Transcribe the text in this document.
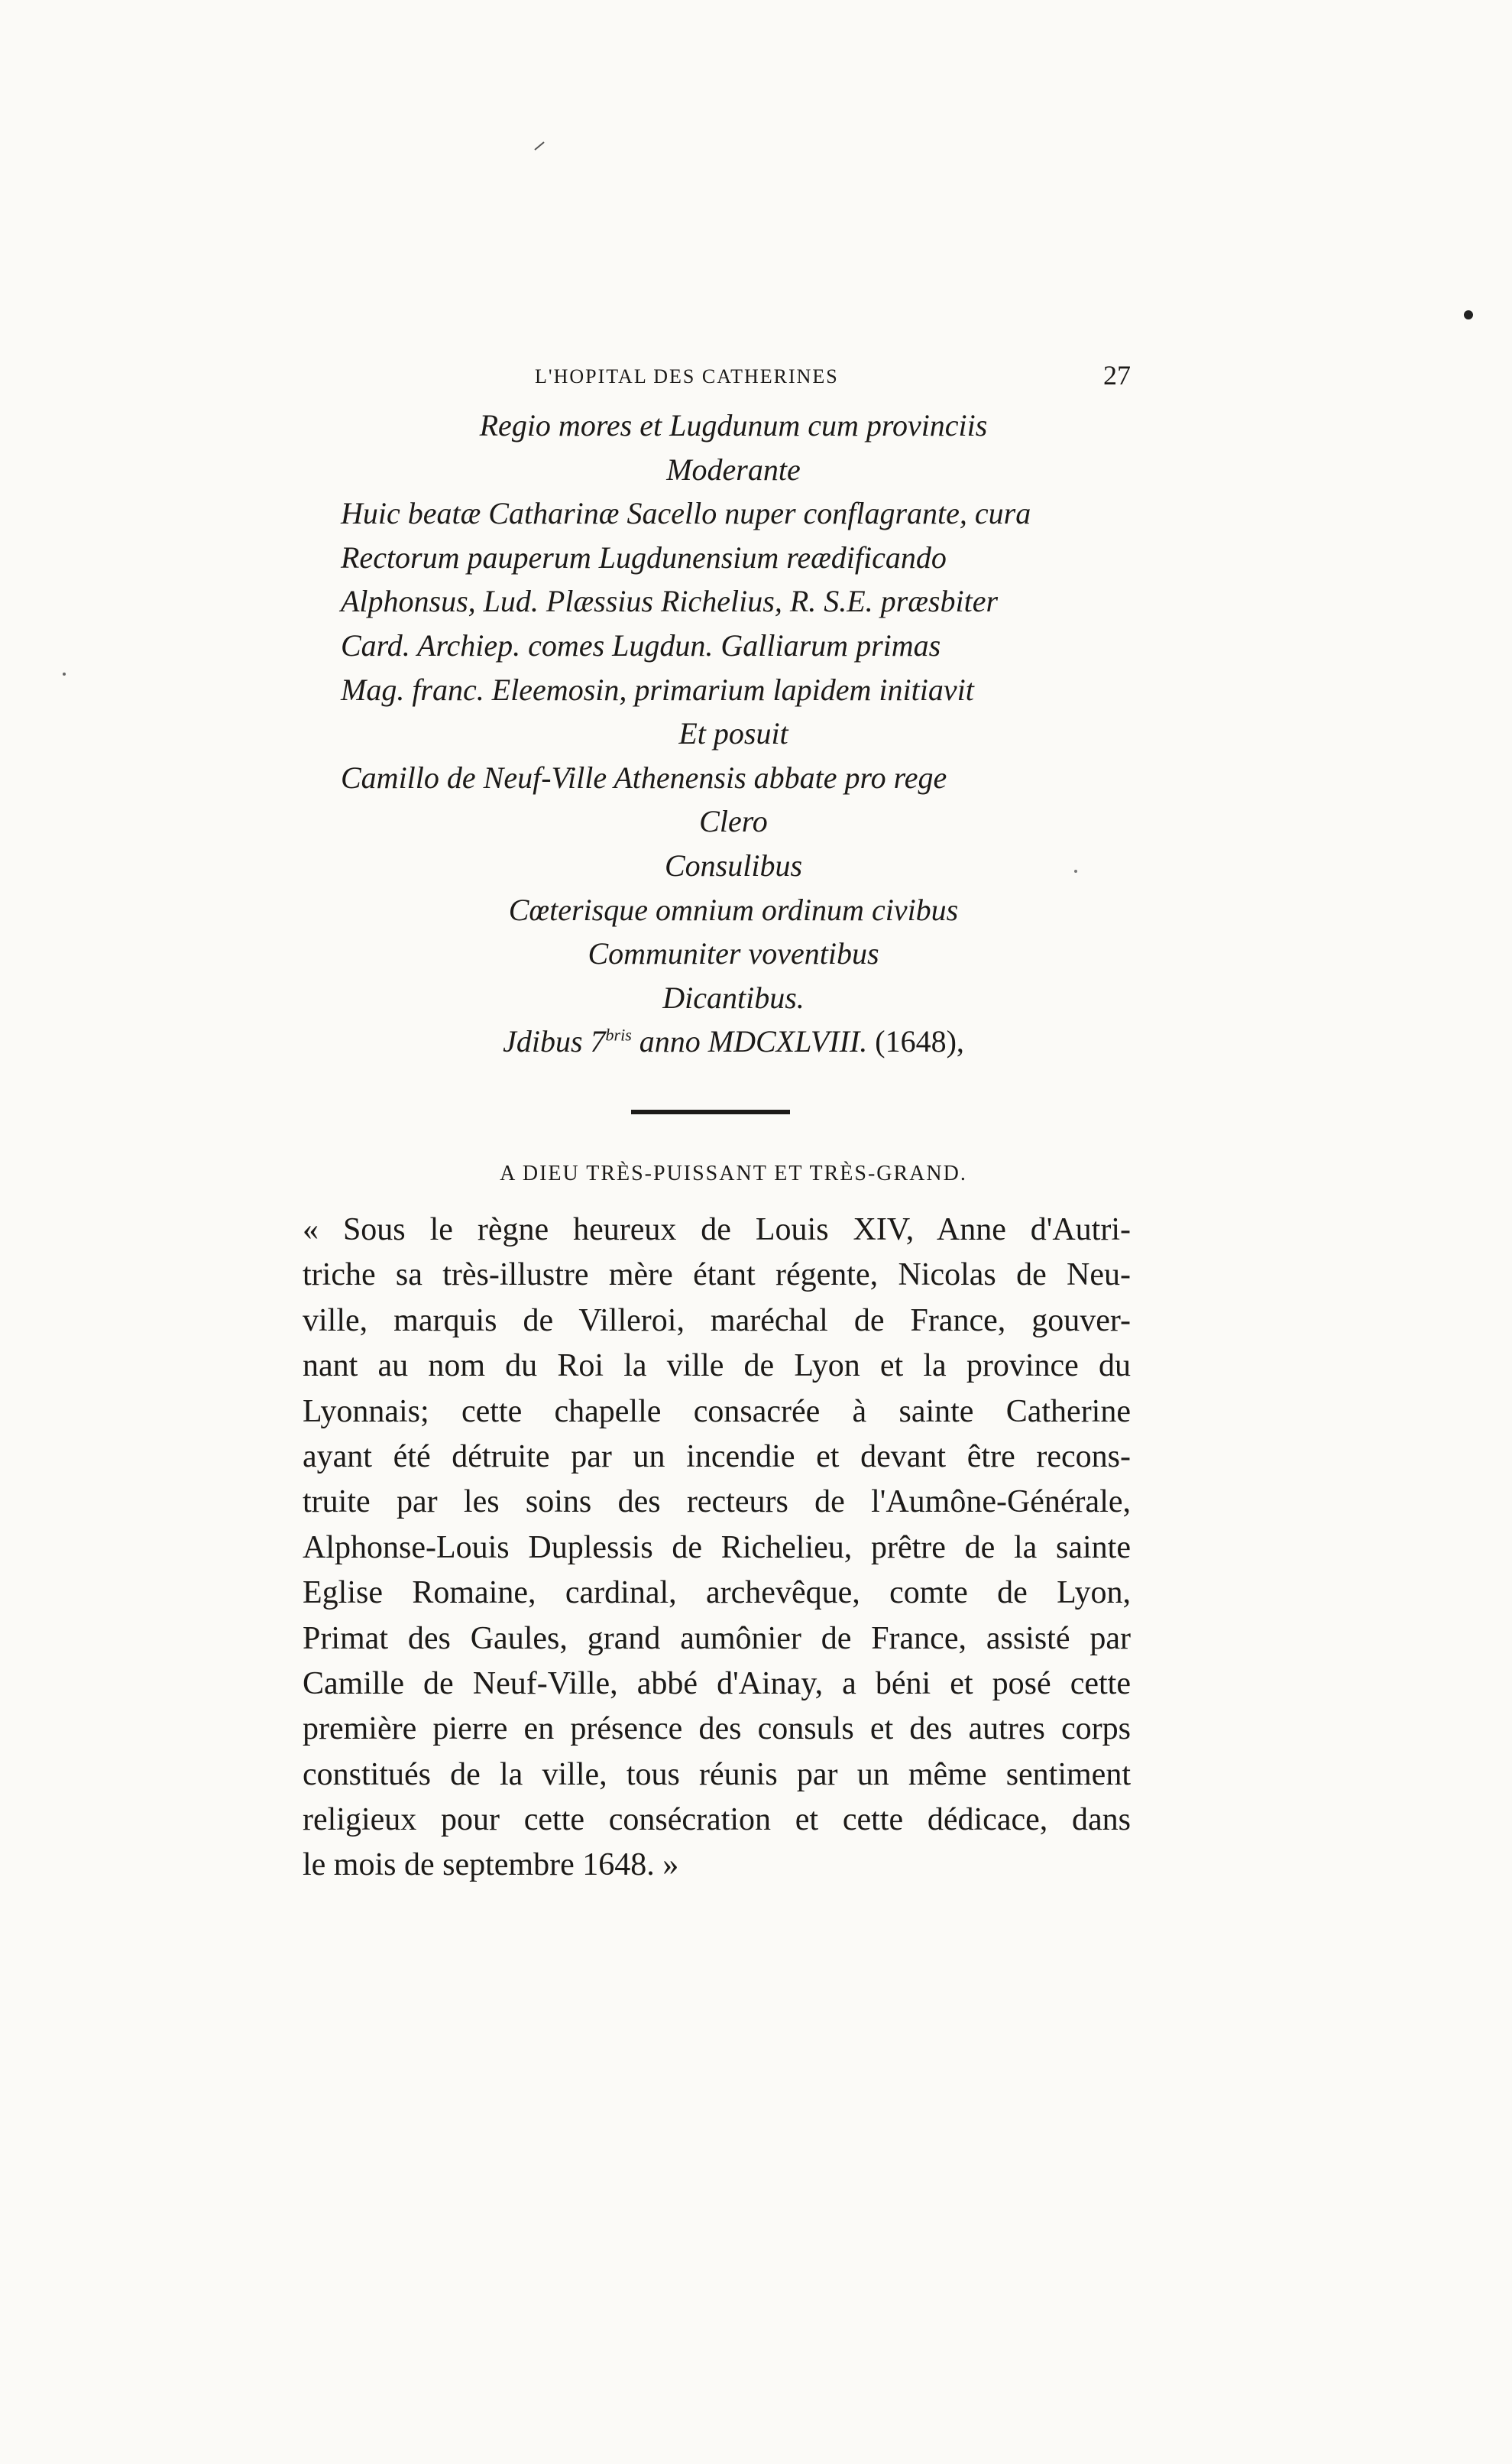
L'HOPITAL DES CATHERINES	27
Regio mores et Lugdunum cum provinciis
Moderante
Huic beatæ Catharinæ Sacello nuper conflagrante, cura
Rectorum pauperum Lugdunensium reædificando
Alphonsus, Lud. Plæssius Richelius, R. S.E. præsbiter
Card. Archiep. comes Lugdun. Galliarum primas
Mag. franc. Eleemosin, primarium lapidem initiavit
Et posuit
Camillo de Neuf-Ville Athenensis abbate pro rege
Clero
Consulibus
Cœterisque omnium ordinum civibus
Communiter voventibus
Dicantibus.
Jdibus $7^{bris}$ anno MDCXLVIII. (1648),
A DIEU TRÈS-PUISSANT ET TRÈS-GRAND.
« Sous le règne heureux de Louis XIV, Anne d'Autri-
triche sa très-illustre mère étant régente, Nicolas de Neu-
ville, marquis de Villeroi, maréchal de France, gouver-
nant au nom du Roi la ville de Lyon et la province du
Lyonnais; cette chapelle consacrée à sainte Catherine
ayant été détruite par un incendie et devant être recons-
truite par les soins des recteurs de l'Aumône-Générale,
Alphonse-Louis Duplessis de Richelieu, prêtre de la sainte
Eglise Romaine, cardinal, archevêque, comte de Lyon,
Primat des Gaules, grand aumônier de France, assisté par
Camille de Neuf-Ville, abbé d'Ainay, a béni et posé cette
première pierre en présence des consuls et des autres corps
constitués de la ville, tous réunis par un même sentiment
religieux pour cette consécration et cette dédicace, dans
le mois de septembre 1648. »
